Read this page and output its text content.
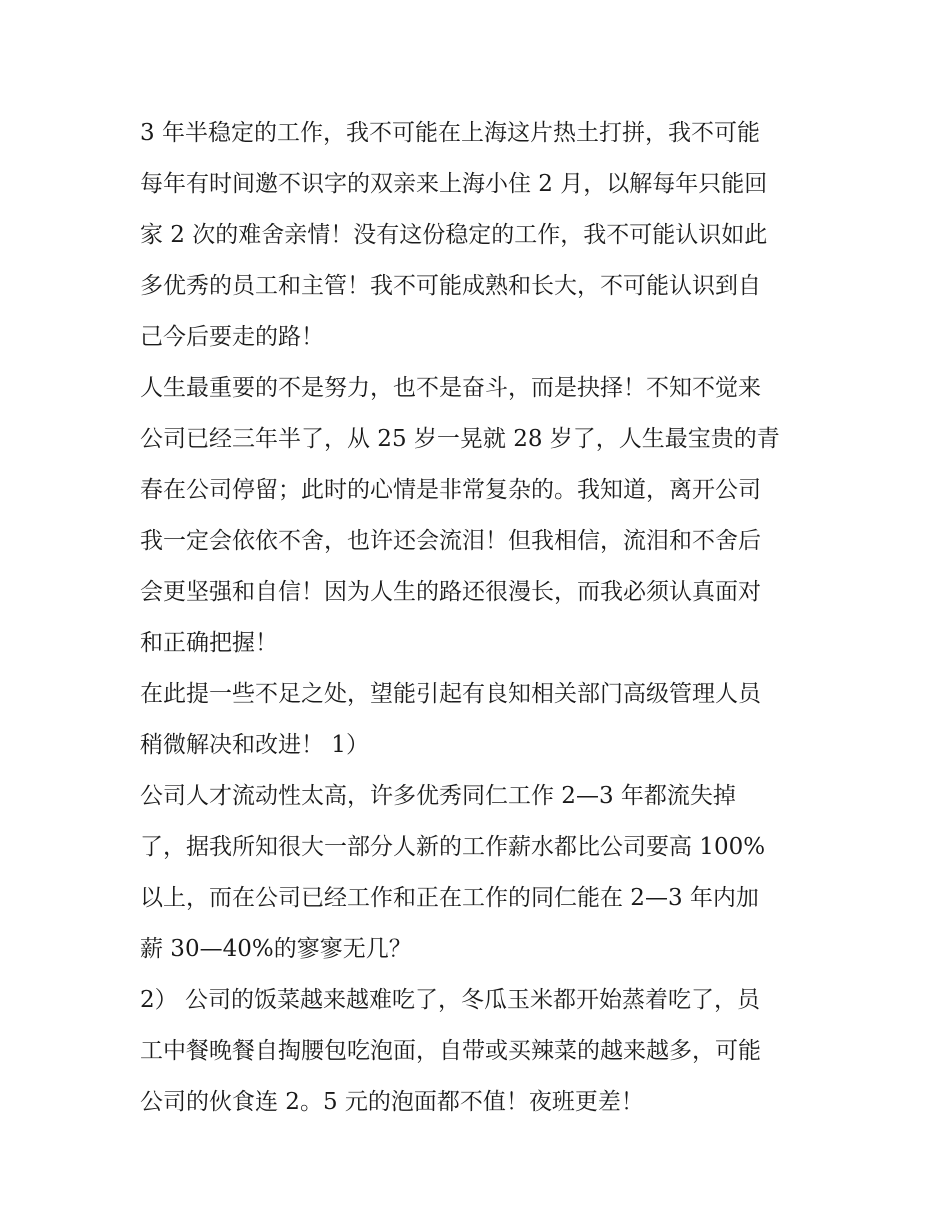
3 年半稳定的工作，我不可能在上海这片热土打拼，我不可能
每年有时间邀不识字的双亲来上海小住 2 月，以解每年只能回
家 2 次的难舍亲情！没有这份稳定的工作，我不可能认识如此
多优秀的员工和主管！我不可能成熟和长大，不可能认识到自
己今后要走的路！
人生最重要的不是努力，也不是奋斗，而是抉择！不知不觉来
公司已经三年半了，从 25 岁一晃就 28 岁了，人生最宝贵的青
春在公司停留；此时的心情是非常复杂的。我知道，离开公司
我一定会依依不舍，也许还会流泪！但我相信，流泪和不舍后
会更坚强和自信！因为人生的路还很漫长，而我必须认真面对
和正确把握！
在此提一些不足之处，望能引起有良知相关部门高级管理人员
稍微解决和改进！ 1）
公司人才流动性太高，许多优秀同仁工作 2—3 年都流失掉
了，据我所知很大一部分人新的工作薪水都比公司要高 100%
以上，而在公司已经工作和正在工作的同仁能在 2—3 年内加
薪 30—40%的寥寥无几？
2） 公司的饭菜越来越难吃了，冬瓜玉米都开始蒸着吃了，员
工中餐晚餐自掏腰包吃泡面，自带或买辣菜的越来越多，可能
公司的伙食连 2。5 元的泡面都不值！夜班更差！
